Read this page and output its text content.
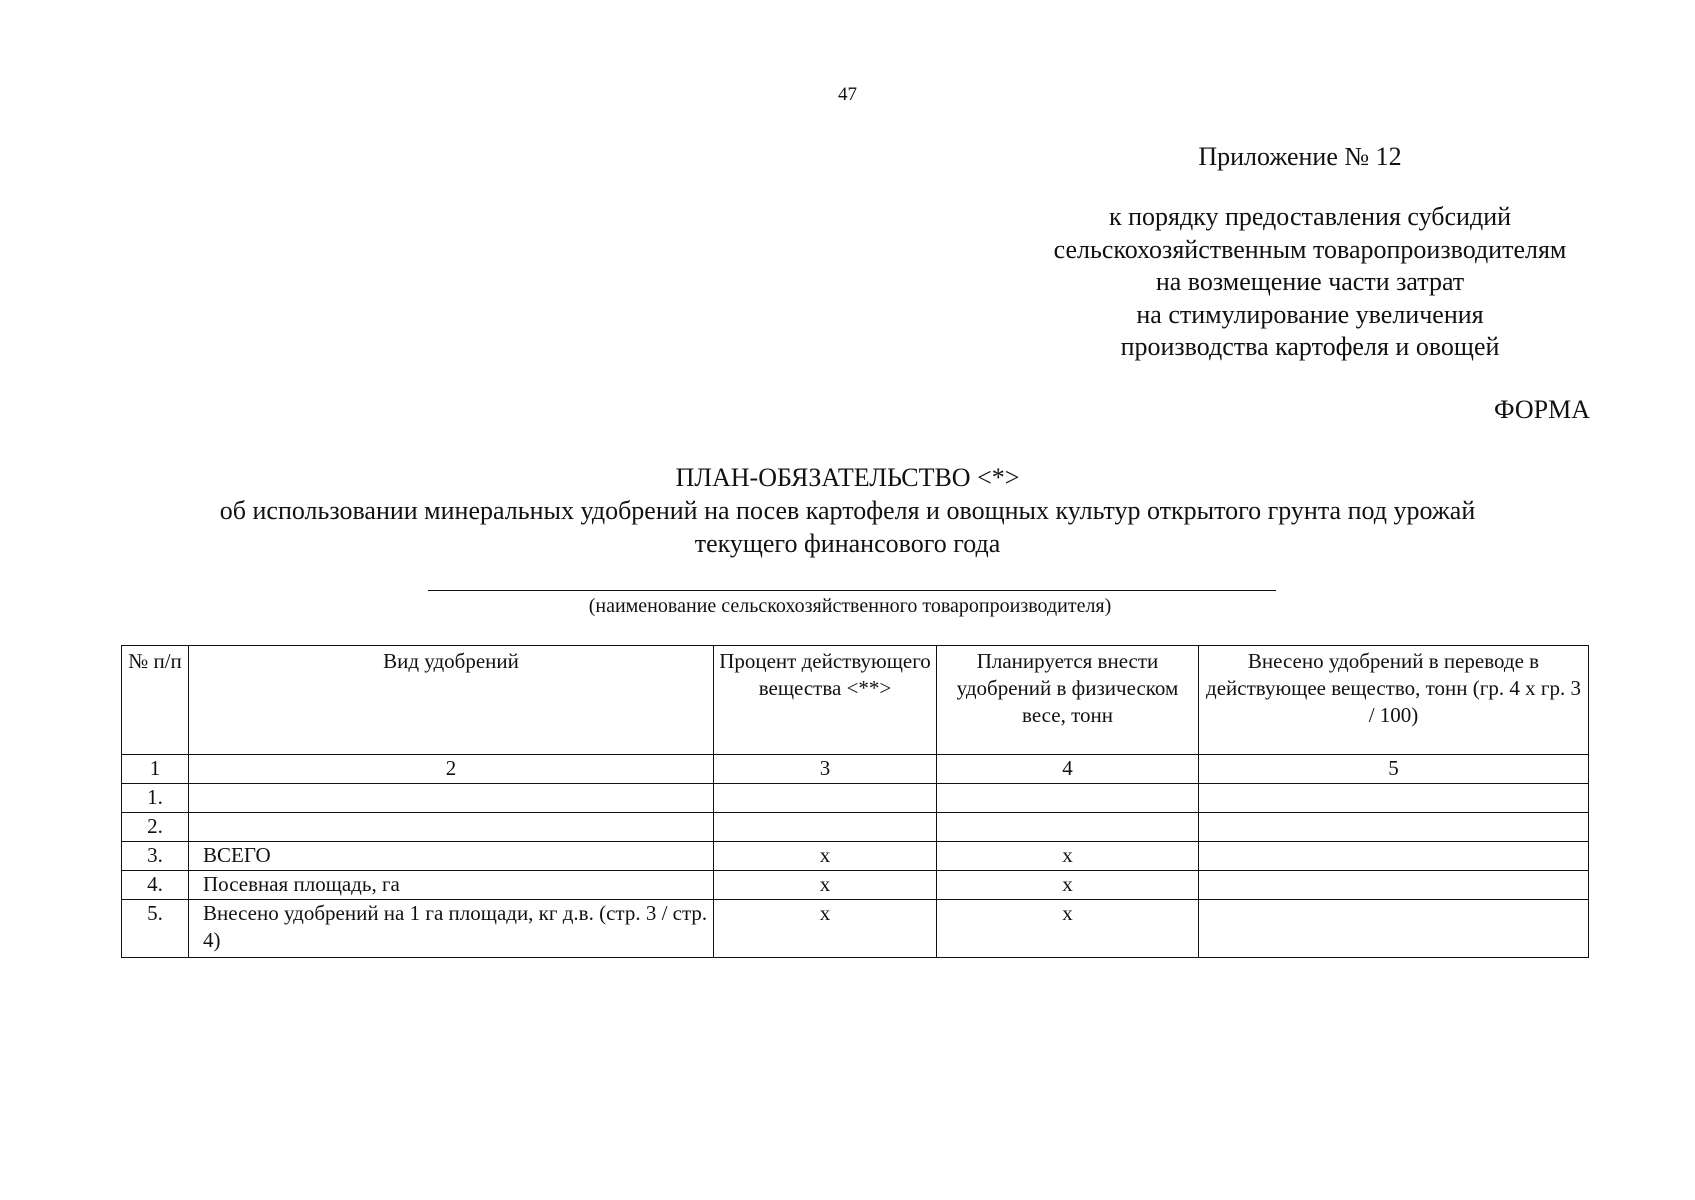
47
Приложение № 12
к порядку предоставления субсидий
сельскохозяйственным товаропроизводителям
на возмещение части затрат
на стимулирование увеличения
производства картофеля и овощей
ФОРМА
ПЛАН-ОБЯЗАТЕЛЬСТВО <*>
об использовании минеральных удобрений на посев картофеля и овощных культур открытого грунта под урожай
текущего финансового года
(наименование сельскохозяйственного товаропроизводителя)
№ п/п	Вид удобрений	Процент действующего вещества <**>	Планируется внести удобрений в физическом весе, тонн	Внесено удобрений в переводе в действующее вещество, тонн (гр. 4 х гр. 3 / 100)
1	2	3	4	5
1.				
2.				
3.	ВСЕГО	x	x	
4.	Посевная площадь, га	x	x	
5.	Внесено удобрений на 1 га площади, кг д.в. (стр. 3 / стр. 4)	x	x	
